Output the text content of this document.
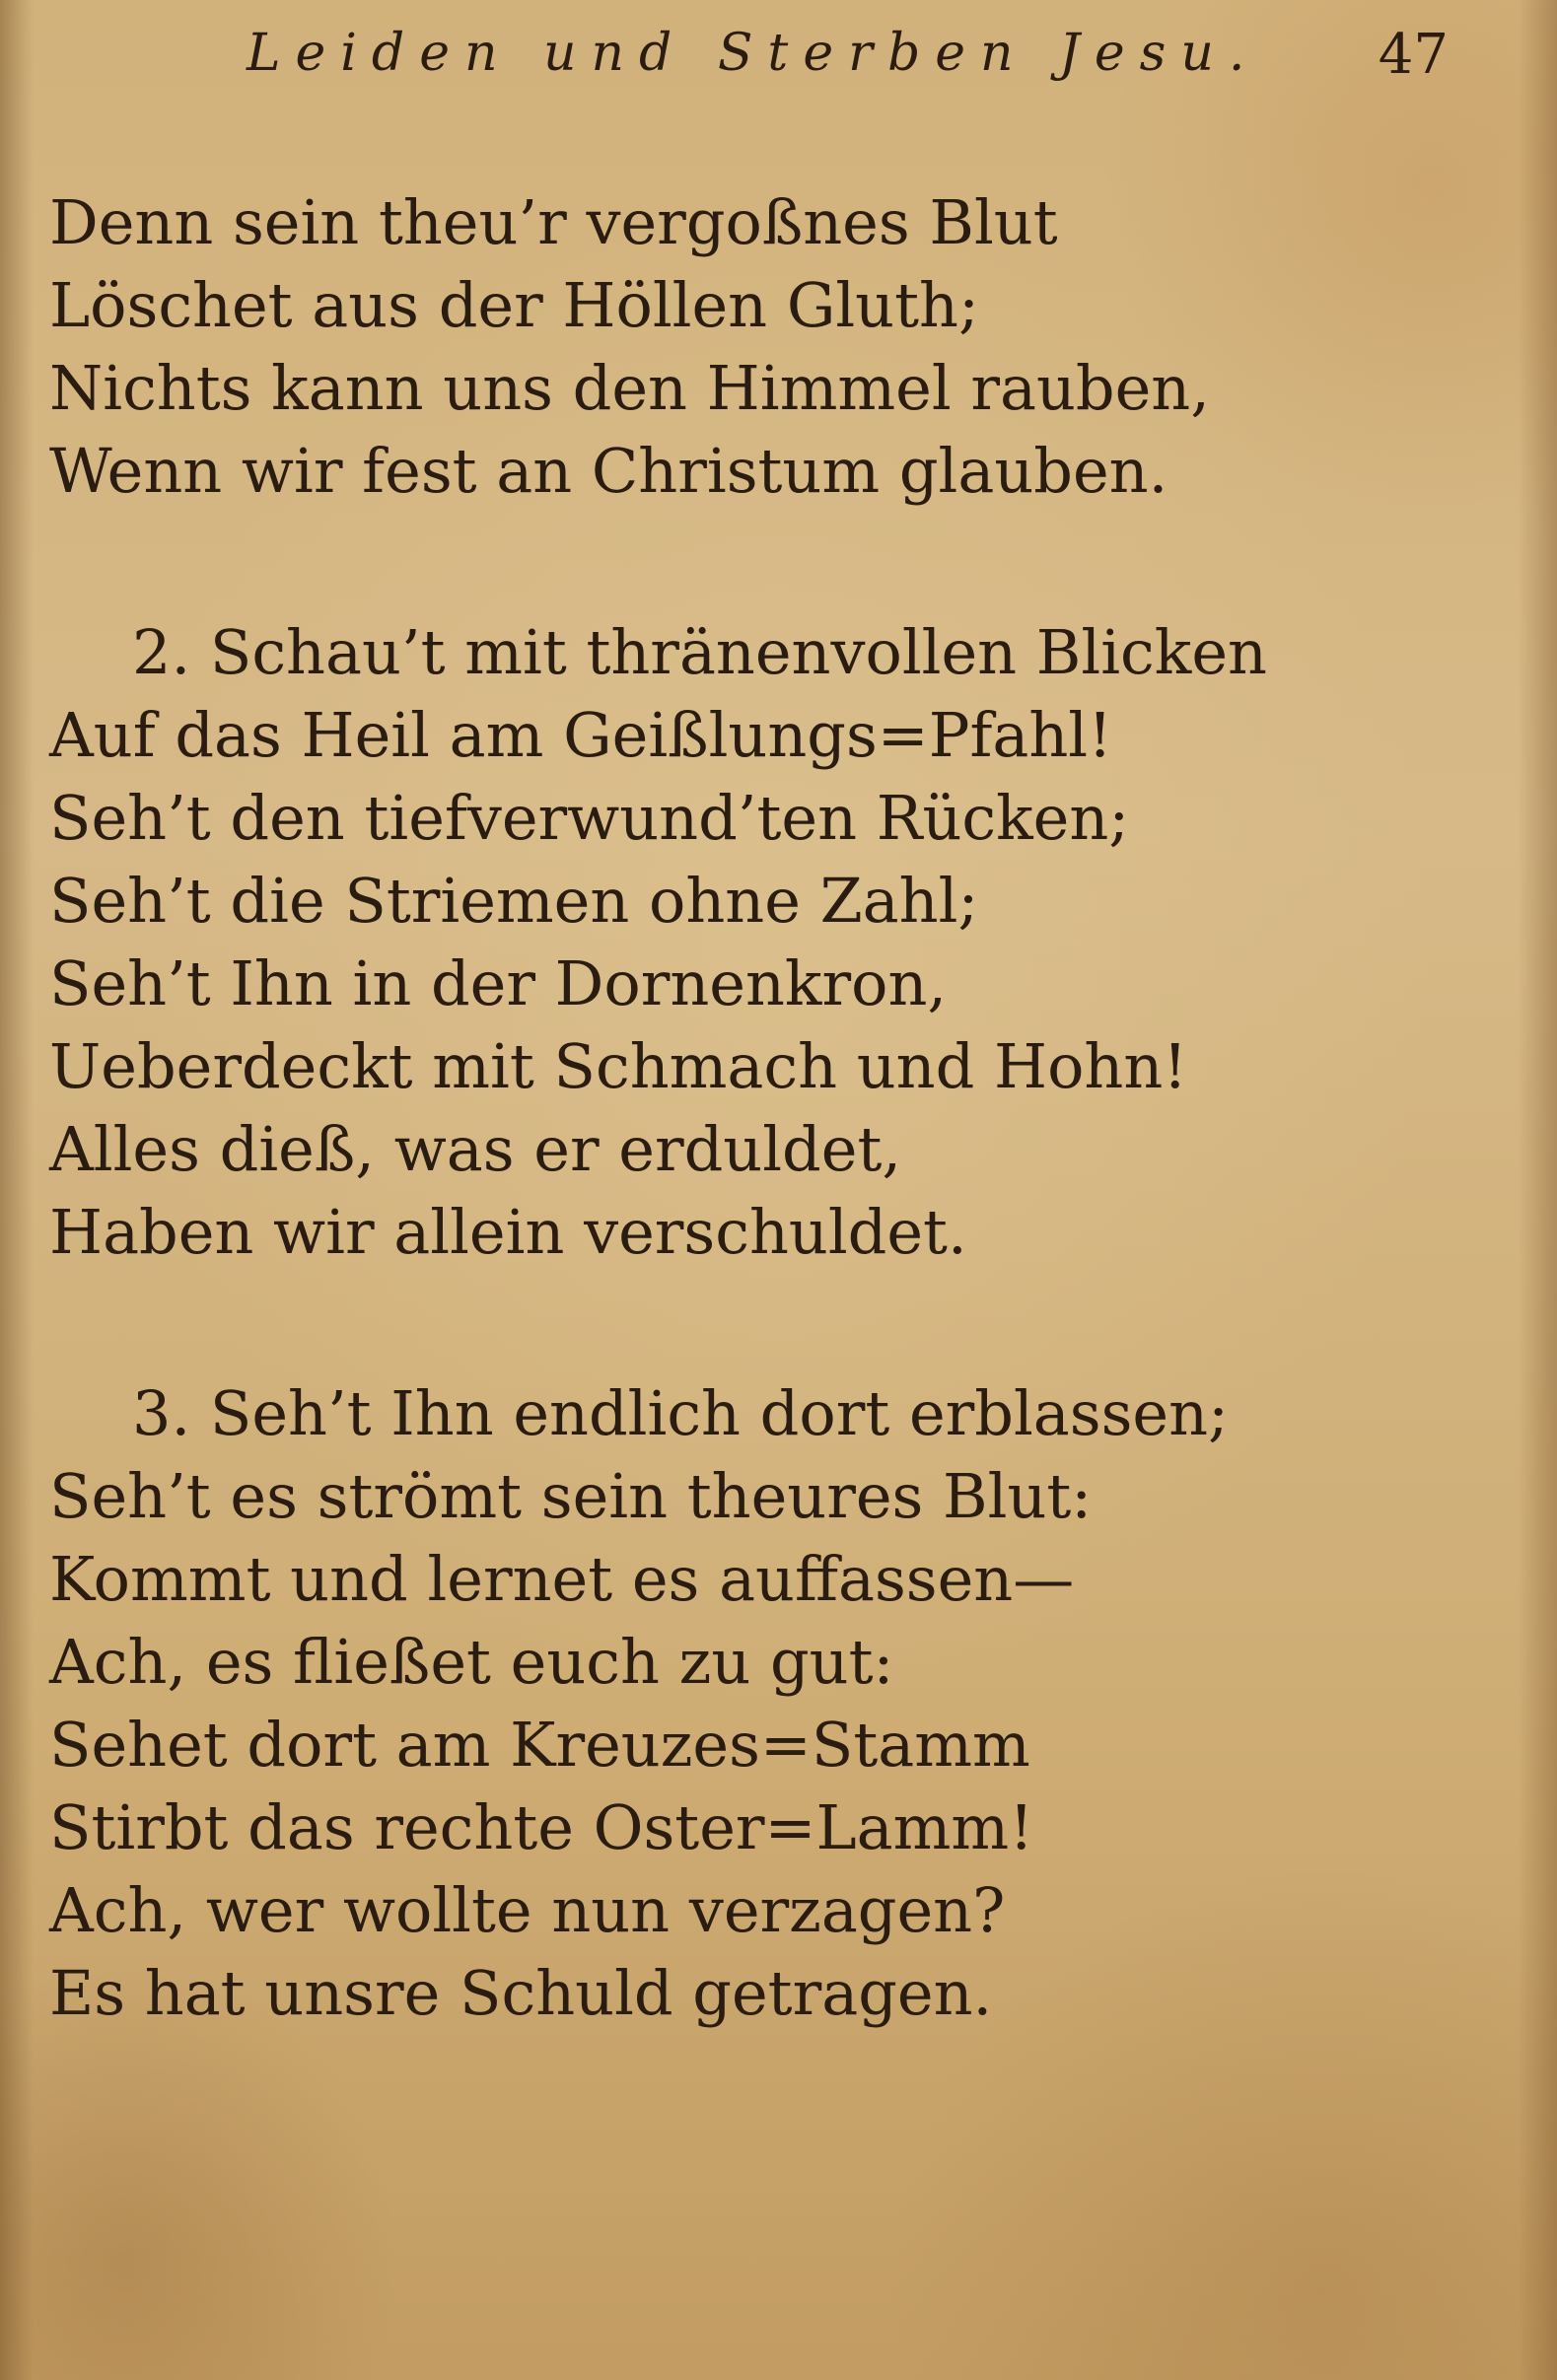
Leiden und Sterben Jesu. 47
Denn sein theu’r vergoßnes Blut
Löschet aus der Höllen Gluth;
Nichts kann uns den Himmel rauben,
Wenn wir fest an Christum glauben.
2. Schau’t mit thränenvollen Blicken
Auf das Heil am Geißlungs=Pfahl!
Seh’t den tiefverwund’ten Rücken;
Seh’t die Striemen ohne Zahl;
Seh’t Ihn in der Dornenkron,
Ueberdeckt mit Schmach und Hohn!
Alles dieß, was er erduldet,
Haben wir allein verschuldet.
3. Seh’t Ihn endlich dort erblassen;
Seh’t es strömt sein theures Blut:
Kommt und lernet es auffassen—
Ach, es fließet euch zu gut:
Sehet dort am Kreuzes=Stamm
Stirbt das rechte Oster=Lamm!
Ach, wer wollte nun verzagen?
Es hat unsre Schuld getragen.
